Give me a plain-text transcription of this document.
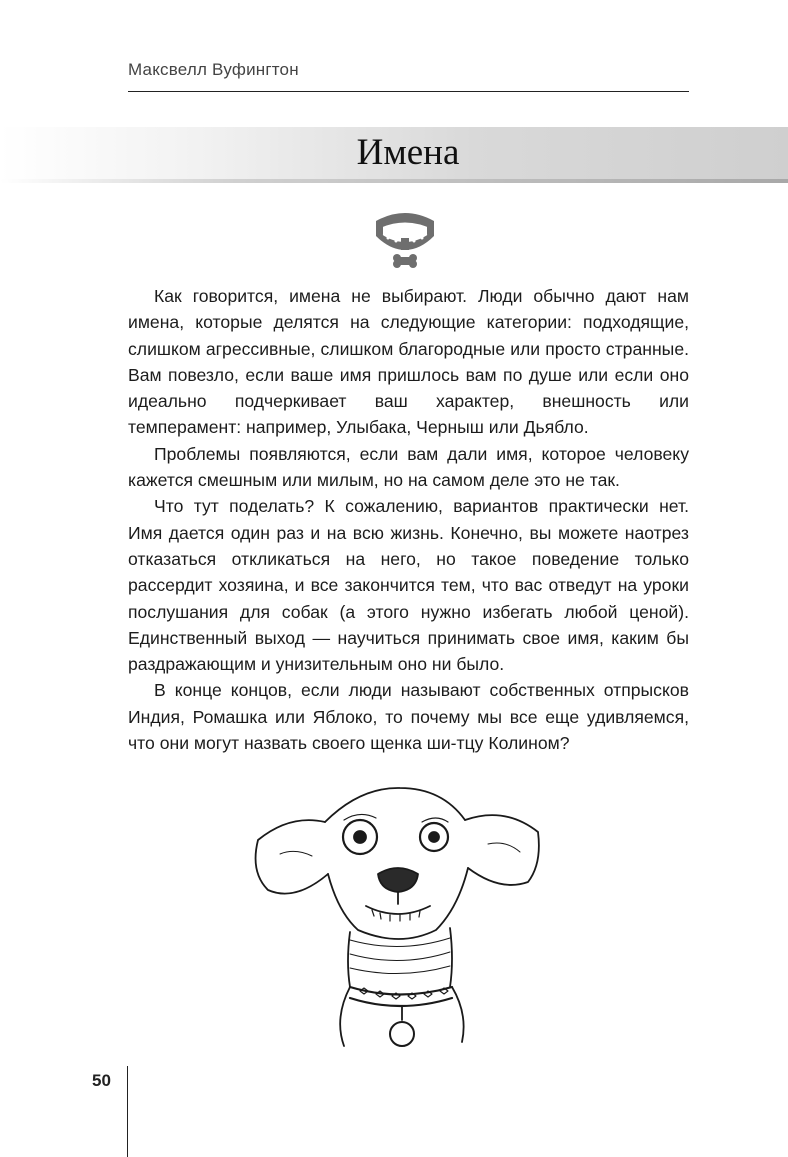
Максвелл Вуфингтон
Имена

Как говорится, имена не выбирают. Люди обычно дают нам имена, которые делятся на следующие категории: подходящие, слишком агрессивные, слишком благородные или просто странные. Вам повезло, если ваше имя пришлось вам по душе или если оно идеально подчеркивает ваш характер, внешность или темперамент: например, Улыбака, Черныш или Дьябло.

Проблемы появляются, если вам дали имя, которое человеку кажется смешным или милым, но на самом деле это не так.

Что тут поделать? К сожалению, вариантов практически нет. Имя дается один раз и на всю жизнь. Конечно, вы можете наотрез отказаться откликаться на него, но такое поведение только рассердит хозяина, и все закончится тем, что вас отведут на уроки послушания для собак (а этого нужно избегать любой ценой). Единственный выход — научиться принимать свое имя, каким бы раздражающим и унизительным оно ни было.

В конце концов, если люди называют собственных отпрысков Индия, Ромашка или Яблоко, то почему мы все еще удивляемся, что они могут назвать своего щенка ши-тцу Колином?

50
